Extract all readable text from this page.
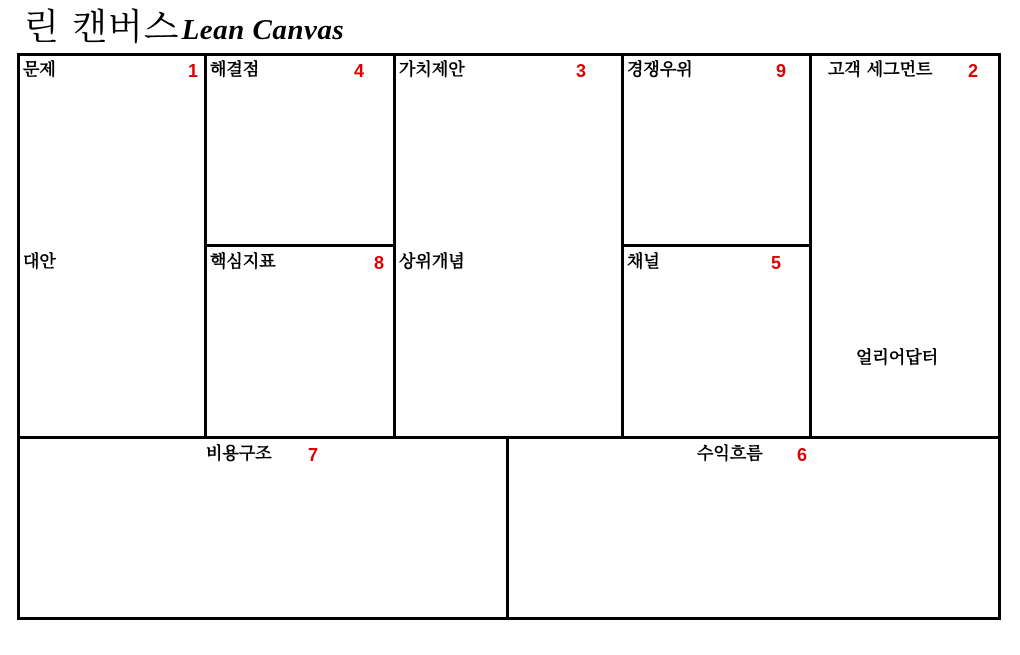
린 캔버스 Lean Canvas
문제	1
대안
해결점	4
핵심지표	8
가치제안	3
상위개념
경쟁우위	9
채널	5
고객 세그먼트 2
얼리어답터
비용구조 7	수익흐름 6
